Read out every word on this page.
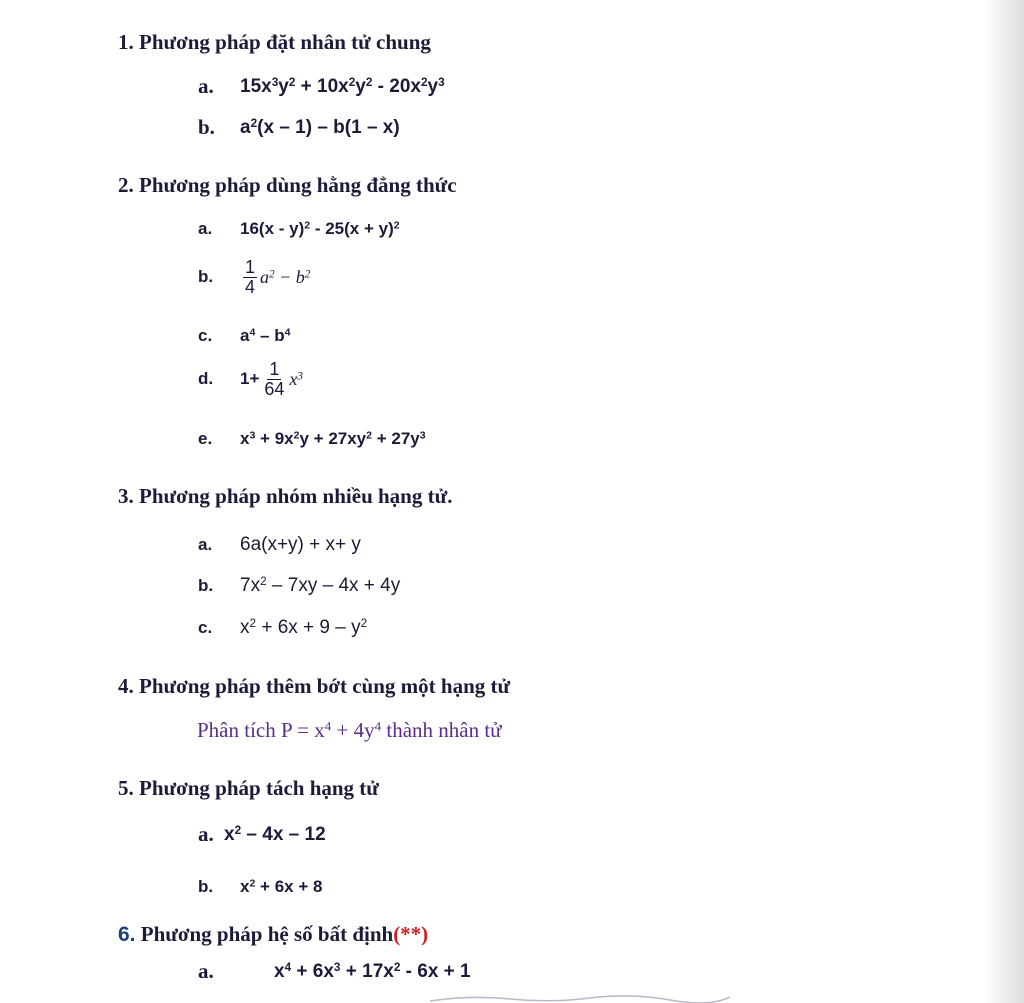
1. Phương pháp đặt nhân tử chung
a.	$15x^3y^2 + 10x^2y^2 - 20x^2y^3$
b.	$a^2(x - 1) - b(1 - x)$
2. Phương pháp dùng hằng đẳng thức
a.	$16(x - y)^2 - 25(x + y)^2$
b.	$\frac{1}{4} a^2 - b^2$
c.	$a^4 - b^4$
d.	$1+ \frac{1}{64} x^3$
e.	$x^3 + 9x^2y + 27xy^2 + 27y^3$
3. Phương pháp nhóm nhiều hạng tử.
a.	6a(x+y) + x+ y
b.	$7x^2 - 7xy - 4x + 4y$
c.	$x^2 + 6x + 9 - y^2$
4. Phương pháp thêm bớt cùng một hạng tử
Phân tích $P = x^4 + 4y^4$ thành nhân tử
5. Phương pháp tách hạng tử
a. $x^2 - 4x - 12$
b.	$x^2 + 6x + 8$
6. Phương pháp hệ số bất định(**)
a.	$x^4 + 6x^3 + 17x^2 - 6x + 1$
